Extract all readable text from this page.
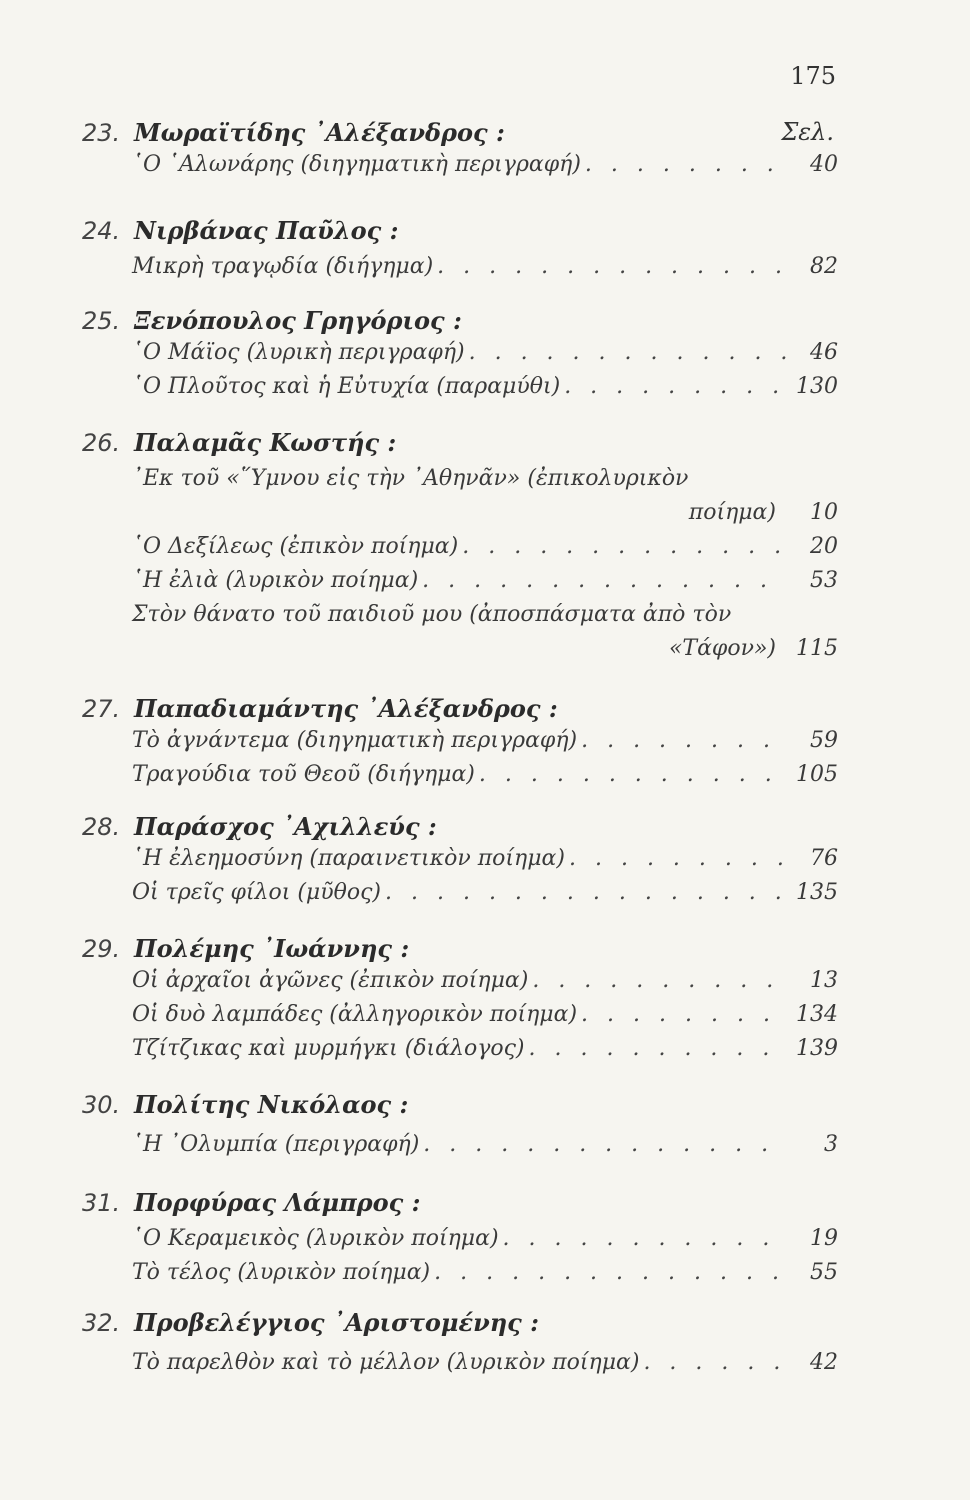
175
Σελ.
23. Μωραϊτίδης ᾿Αλέξανδρος :
῾Ο ῾Αλωνάρης (διηγηματικὴ περιγραφή) . . .	40
24. Νιρβάνας Παῦλος :
Μικρὴ τραγῳδία (διήγημα) . . .	82
25. Ξενόπουλος Γρηγόριος :
῾Ο Μάϊος (λυρικὴ περιγραφή) . . .	46
῾Ο Πλοῦτος καὶ ἡ Εὐτυχία (παραμύθι) . . .	130
26. Παλαμᾶς Κωστής :
᾿Εκ τοῦ «῞Υμνου εἰς τὴν ᾿Αθηνᾶν» (ἐπικολυρικὸν
ποίημα)	10
῾Ο Δεξίλεως (ἐπικὸν ποίημα) . . .	20
῾Η ἐλιὰ (λυρικὸν ποίημα) . . .	53
Στὸν θάνατο τοῦ παιδιοῦ μου (ἀποσπάσματα ἀπὸ τὸν
«Τάφον») 115
27. Παπαδιαμάντης ᾿Αλέξανδρος :
Τὸ ἀγνάντεμα (διηγηματικὴ περιγραφή) . . .	59
Τραγούδια τοῦ Θεοῦ (διήγημα) . . .	105
28. Παράσχος ᾿Αχιλλεύς :
῾Η ἐλεημοσύνη (παραινετικὸν ποίημα) . . .	76
Οἱ τρεῖς φίλοι (μῦθος) . . .	135
29. Πολέμης ᾿Ιωάννης :
Οἱ ἀρχαῖοι ἀγῶνες (ἐπικὸν ποίημα) . . .	13
Οἱ δυὸ λαμπάδες (ἀλληγορικὸν ποίημα) . . .	134
Τζίτζικας καὶ μυρμήγκι (διάλογος) . . .	139
30. Πολίτης Νικόλαος :
῾Η ᾿Ολυμπία (περιγραφή) . . .	3
31. Πορφύρας Λάμπρος :
῾Ο Κεραμεικὸς (λυρικὸν ποίημα) . . .	19
Τὸ τέλος (λυρικὸν ποίημα) . . .	55
32. Προβελέγγιος ᾿Αριστομένης :
Τὸ παρελθὸν καὶ τὸ μέλλον (λυρικὸν ποίημα) . . .	42
